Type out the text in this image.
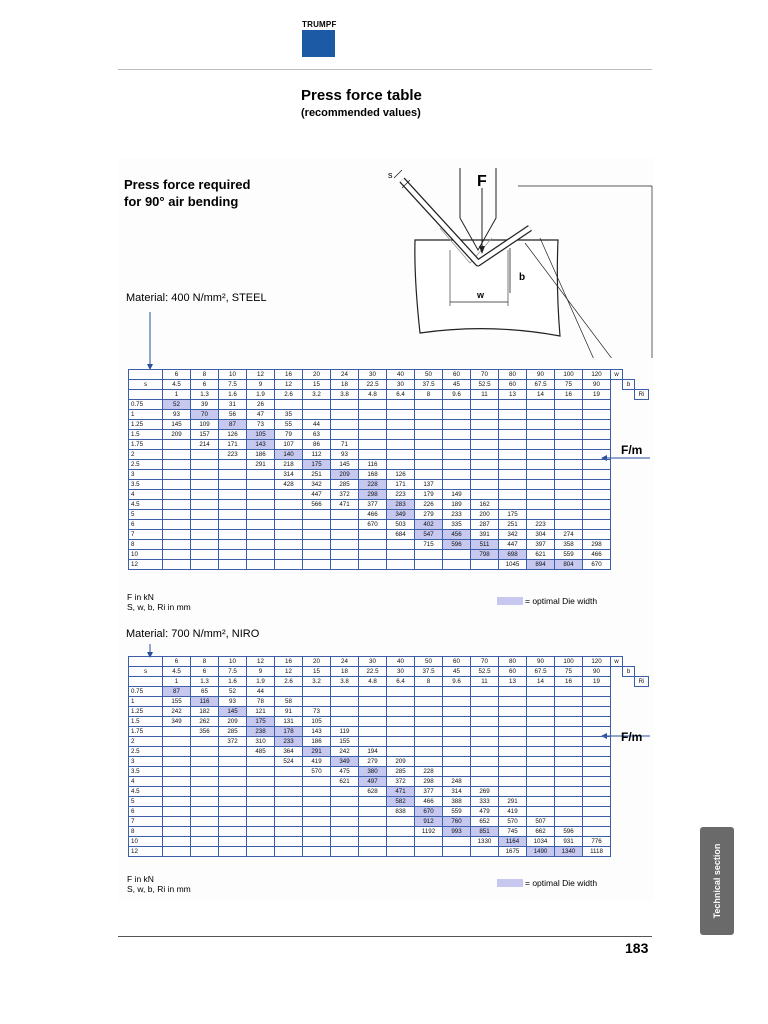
TRUMPF
Press force table
(recommended values)
Press force required
for 90° air bending
s	F
w
b
Material: 400 N/mm², STEEL
	6	8	10	12	16	20	24	30	40	50	60	70	80	90	100	120	w		
s	4.5	6	7.5	9	12	15	18	22.5	30	37.5	45	52.5	60	67.5	75	90		b	
	1	1.3	1.6	1.9	2.6	3.2	3.8	4.8	6.4	8	9.6	11	13	14	16	19			Ri
0.75	52	39	31	26															
1	93	70	56	47	35														
1.25	145	109	87	73	55	44													
1.5	209	157	126	105	79	63													
1.75		214	171	143	107	86	71												
2			223	186	140	112	93												
2.5				291	218	175	145	116											
3					314	251	209	168	126										
3.5					428	342	285	228	171	137									
4						447	372	298	223	179	149								
4.5						566	471	377	283	226	189	162							
5								466	349	279	233	200	175						
6								670	503	402	335	287	251	223					
7									684	547	456	391	342	304	274				
8										715	596	511	447	397	358	298			
10												798	698	621	559	466			
12													1045	894	804	670			
F/m
F in kN
S, w, b, Ri in mm
= optimal Die width
Material: 700 N/mm², NIRO
	6	8	10	12	16	20	24	30	40	50	60	70	80	90	100	120	w		
s	4.5	6	7.5	9	12	15	18	22.5	30	37.5	45	52.5	60	67.5	75	90		b	
	1	1.3	1.6	1.9	2.6	3.2	3.8	4.8	6.4	8	9.6	11	13	14	16	19			Ri
0.75	87	65	52	44															
1	155	116	93	78	58														
1.25	242	182	145	121	91	73													
1.5	349	262	209	175	131	105													
1.75		356	285	238	178	143	119												
2			372	310	233	186	155												
2.5				485	364	291	242	194											
3					524	419	349	279	209										
3.5						570	475	380	285	228									
4							621	497	372	298	248								
4.5								628	471	377	314	269							
5									582	466	388	333	291						
6									838	670	559	479	419						
7										912	760	652	570	507					
8										1192	993	851	745	662	596				
10												1330	1164	1034	931	776			
12													1675	1490	1340	1118			
F/m
F in kN
S, w, b, Ri in mm
= optimal Die width	Technical section
183
